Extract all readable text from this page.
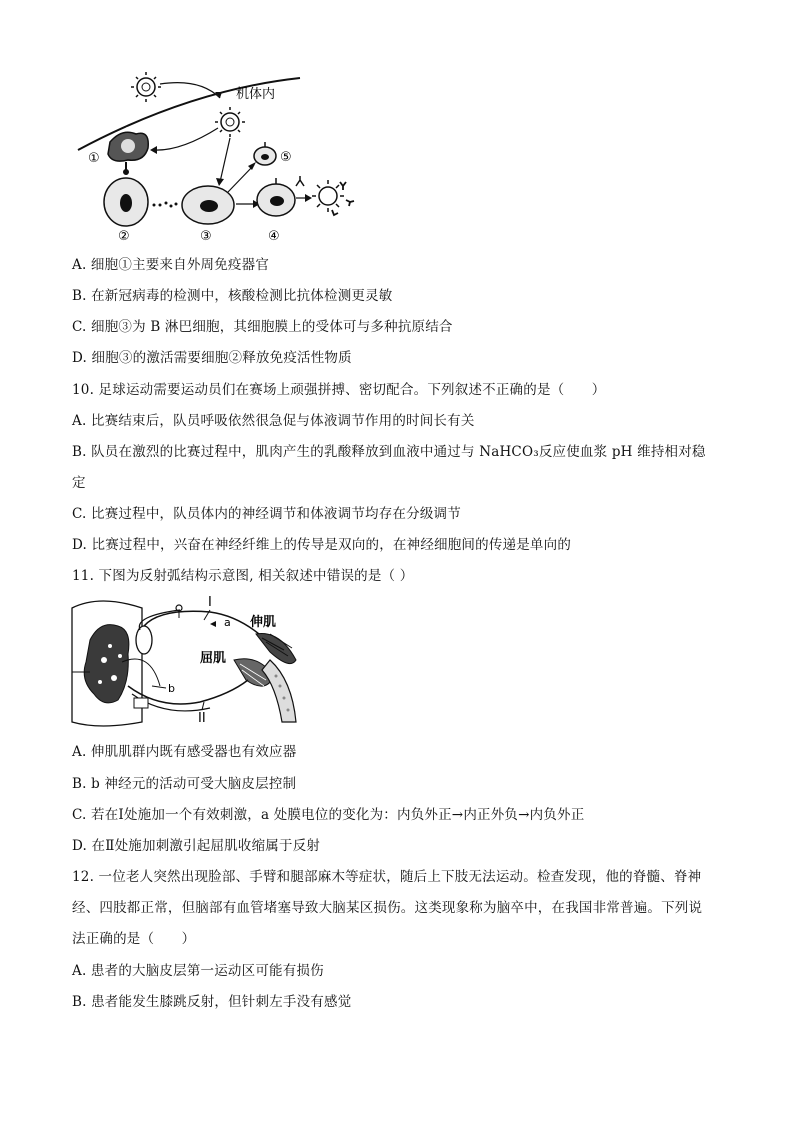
机体内
①
②	③
⑤
④
A. 细胞①主要来自外周免疫器官
B. 在新冠病毒的检测中，核酸检测比抗体检测更灵敏
C. 细胞③为 B 淋巴细胞，其细胞膜上的受体可与多种抗原结合
D. 细胞③的激活需要细胞②释放免疫活性物质
10. 足球运动需要运动员们在赛场上顽强拼搏、密切配合。下列叙述不正确的是（　　）
A. 比赛结束后，队员呼吸依然很急促与体液调节作用的时间长有关
B. 队员在激烈的比赛过程中，肌肉产生的乳酸释放到血液中通过与 NaHCO₃反应使血浆 pH 维持相对稳
定
C. 比赛过程中，队员体内的神经调节和体液调节均存在分级调节
D. 比赛过程中，兴奋在神经纤维上的传导是双向的，在神经细胞间的传递是单向的
11. 下图为反射弧结构示意图, 相关叙述中错误的是（ ）
I
a 伸肌
屈肌
b
II
A. 伸肌肌群内既有感受器也有效应器
B. b 神经元的活动可受大脑皮层控制
C. 若在Ⅰ处施加一个有效刺激，a 处膜电位的变化为：内负外正→内正外负→内负外正
D. 在Ⅱ处施加刺激引起屈肌收缩属于反射
12. 一位老人突然出现脸部、手臂和腿部麻木等症状，随后上下肢无法运动。检查发现，他的脊髓、脊神
经、四肢都正常，但脑部有血管堵塞导致大脑某区损伤。这类现象称为脑卒中，在我国非常普遍。下列说
法正确的是（　　）
A. 患者的大脑皮层第一运动区可能有损伤
B. 患者能发生膝跳反射，但针刺左手没有感觉
